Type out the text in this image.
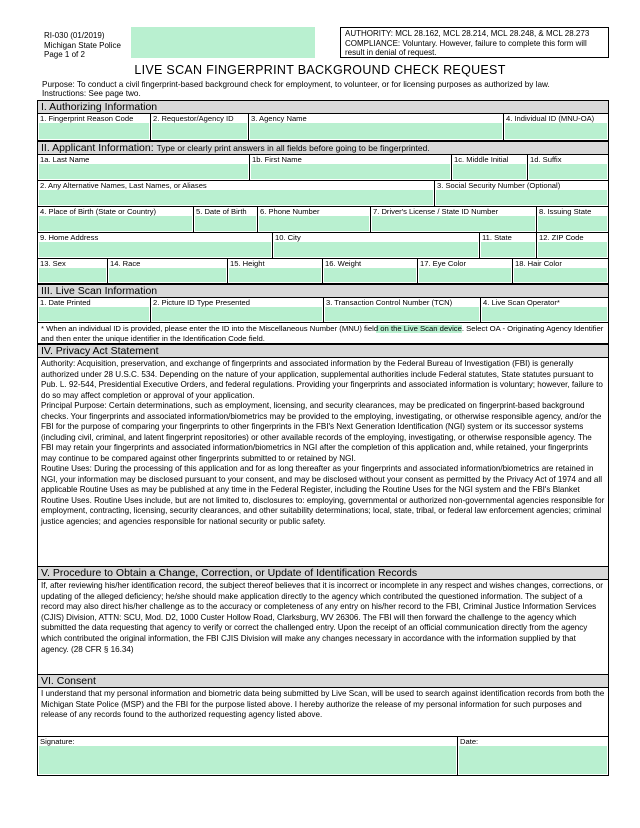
RI-030 (01/2019)
Michigan State Police
Page 1 of 2
AUTHORITY: MCL 28.162, MCL 28.214, MCL 28.248, & MCL 28.273
COMPLIANCE: Voluntary. However, failure to complete this form will result in denial of request.
LIVE SCAN FINGERPRINT BACKGROUND CHECK REQUEST
Purpose: To conduct a civil fingerprint-based background check for employment, to volunteer, or for licensing purposes as authorized by law.
Instructions: See page two.
I. Authorizing Information
1. Fingerprint Reason Code	2. Requestor/Agency ID	3. Agency Name	4. Individual ID (MNU-OA)
II. Applicant Information: Type or clearly print answers in all fields before going to be fingerprinted.
1a. Last Name	1b. First Name	1c. Middle Initial	1d. Suffix
2. Any Alternative Names, Last Names, or Aliases	3. Social Security Number (Optional)
4. Place of Birth (State or Country)	5. Date of Birth	6. Phone Number	7. Driver's License / State ID Number	8. Issuing State
9. Home Address	10. City	11. State	12. ZIP Code
13. Sex	14. Race	15. Height	16. Weight	17. Eye Color	18. Hair Color
III. Live Scan Information
1. Date Printed	2. Picture ID Type Presented	3. Transaction Control Number (TCN)	4. Live Scan Operator*

* When an individual ID is provided, please enter the ID into the Miscellaneous Number (MNU) field on the Live Scan device. Select OA - Originating Agency Identifier and then enter the unique identifier in the Identification Code field.

IV. Privacy Act Statement

Authority: Acquisition, preservation, and exchange of fingerprints and associated information by the Federal Bureau of Investigation (FBI) is generally authorized under 28 U.S.C. 534. Depending on the nature of your application, supplemental authorities include Federal statutes, State statutes pursuant to Pub. L. 92-544, Presidential Executive Orders, and federal regulations. Providing your fingerprints and associated information is voluntary; however, failure to do so may affect completion or approval of your application.

Principal Purpose: Certain determinations, such as employment, licensing, and security clearances, may be predicated on fingerprint-based background checks. Your fingerprints and associated information/biometrics may be provided to the employing, investigating, or otherwise responsible agency, and/or the FBI for the purpose of comparing your fingerprints to other fingerprints in the FBI's Next Generation Identification (NGI) system or its successor systems (including civil, criminal, and latent fingerprint repositories) or other available records of the employing, investigating, or otherwise responsible agency. The FBI may retain your fingerprints and associated information/biometrics in NGI after the completion of this application and, while retained, your fingerprints may continue to be compared against other fingerprints submitted to or retained by NGI.

Routine Uses: During the processing of this application and for as long thereafter as your fingerprints and associated information/biometrics are retained in NGI, your information may be disclosed pursuant to your consent, and may be disclosed without your consent as permitted by the Privacy Act of 1974 and all applicable Routine Uses as may be published at any time in the Federal Register, including the Routine Uses for the NGI system and the FBI's Blanket Routine Uses. Routine Uses include, but are not limited to, disclosures to: employing, governmental or authorized non-governmental agencies responsible for employment, contracting, licensing, security clearances, and other suitability determinations; local, state, tribal, or federal law enforcement agencies; criminal justice agencies; and agencies responsible for national security or public safety.

V. Procedure to Obtain a Change, Correction, or Update of Identification Records

If, after reviewing his/her identification record, the subject thereof believes that it is incorrect or incomplete in any respect and wishes changes, corrections, or updating of the alleged deficiency; he/she should make application directly to the agency which contributed the questioned information. The subject of a record may also direct his/her challenge as to the accuracy or completeness of any entry on his/her record to the FBI, Criminal Justice Information Services (CJIS) Division, ATTN: SCU, Mod. D2, 1000 Custer Hollow Road, Clarksburg, WV 26306. The FBI will then forward the challenge to the agency which submitted the data requesting that agency to verify or correct the challenged entry. Upon the receipt of an official communication directly from the agency which contributed the original information, the FBI CJIS Division will make any changes necessary in accordance with the information supplied by that agency. (28 CFR § 16.34)

VI. Consent

I understand that my personal information and biometric data being submitted by Live Scan, will be used to search against identification records from both the Michigan State Police (MSP) and the FBI for the purpose listed above. I hereby authorize the release of my personal information for such purposes and release of any records found to the authorized requesting agency listed above.

Signature:	Date:
